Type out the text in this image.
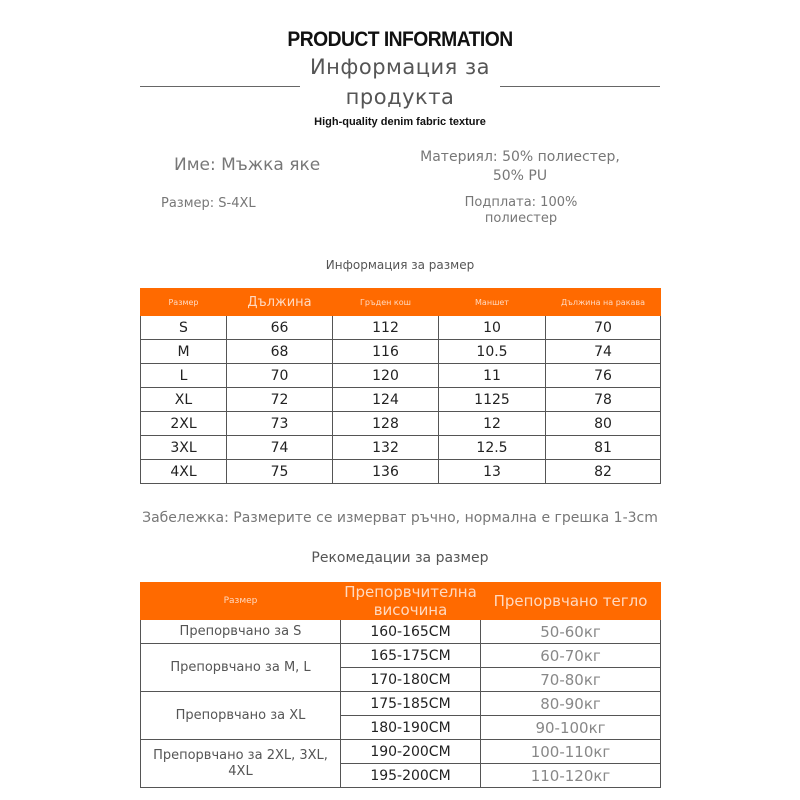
PRODUCT INFORMATION
Информация за продукта
High-quality denim fabric texture
Име: Мъжка яке
Размер: S-4XL
Материял: 50% полиестер, 50% PU
Подплата: 100% полиестер
Информация за размер
Размер	Дължина	Гръден кош	Маншет	Дължина на ракава
S	66	112	10	70
M	68	116	10.5	74
L	70	120	11	76
XL	72	124	1125	78
2XL	73	128	12	80
3XL	74	132	12.5	81
4XL	75	136	13	82
Забележка: Размерите се измерват ръчно, нормална е грешка 1-3cm
Рекомедации за размер
Размер	Препорвчителна височина	Препорвчано тегло
Препорвчано за S	160-165CM	50-60кг
Препорвчано за M, L	165-175CM	60-70кг
	170-180CM	70-80кг
Препорвчано за XL	175-185CM	80-90кг
	180-190CM	90-100кг
Препорвчано за 2XL, 3XL, 4XL	190-200CM	100-110кг
	195-200CM	110-120кг
